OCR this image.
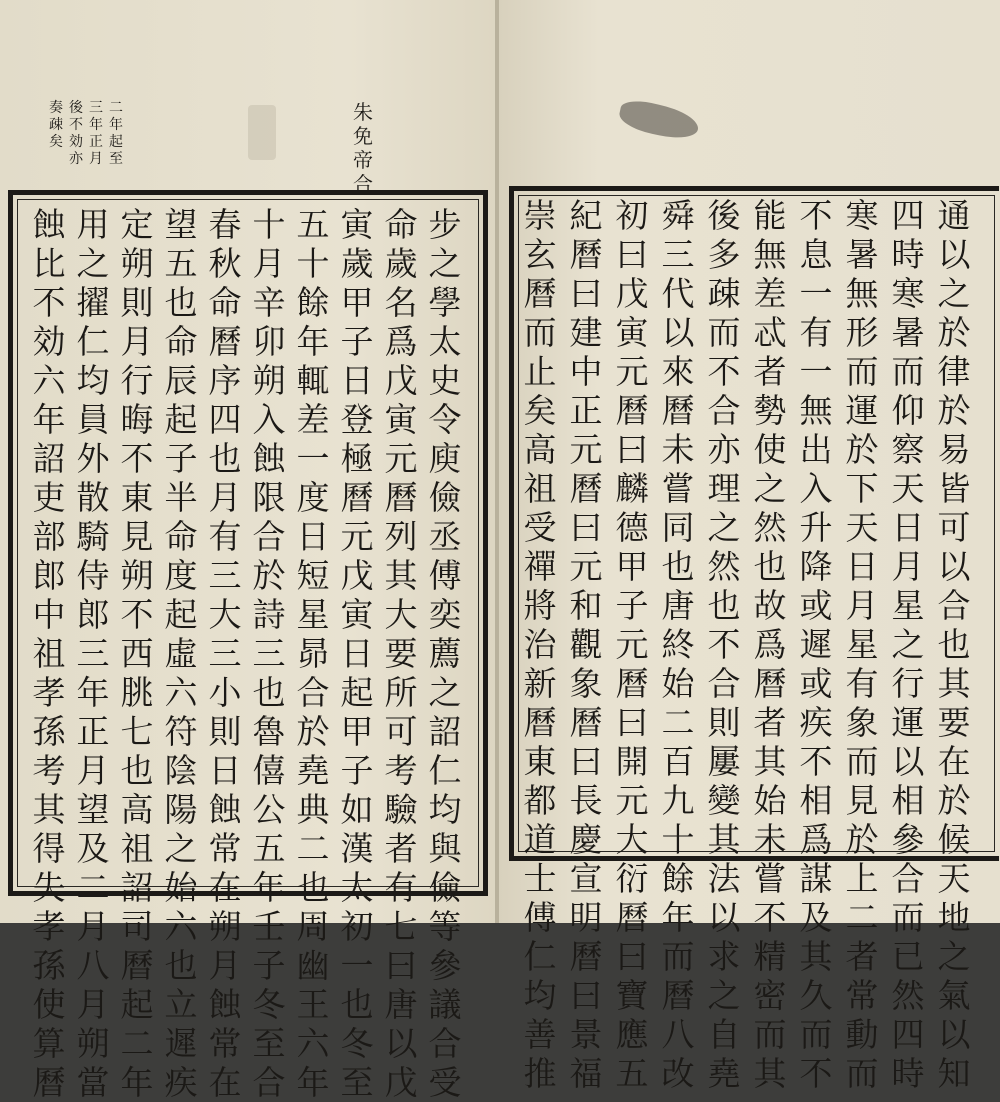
二
年
起
至
三
年
正
月
後
不
効
亦
奏
疎
矣
朱
免
帝
合
步
之
學
太
史
令
庾
儉
丞
傅
奕
薦
之
詔
仁
均
與
儉
等
參
議
合
受
命
歲
名
爲
戊
寅
元
曆
列
其
大
要
所
可
考
驗
者
有
七
曰
唐
以
戊
寅
歲
甲
子
日
登
極
曆
元
戊
寅
日
起
甲
子
如
漢
太
初
一
也
冬
至
五
十
餘
年
輒
差
一
度
日
短
星
昴
合
於
堯
典
二
也
周
幽
王
六
年
十
月
辛
卯
朔
入
蝕
限
合
於
詩
三
也
魯
僖
公
五
年
壬
子
冬
至
合
春
秋
命
曆
序
四
也
月
有
三
大
三
小
則
日
蝕
常
在
朔
月
蝕
常
在
望
五
也
命
辰
起
子
半
命
度
起
虛
六
符
陰
陽
之
始
六
也
立
遲
疾
定
朔
則
月
行
晦
不
東
見
朔
不
西
朓
七
也
高
祖
詔
司
曆
起
二
年
用
之
擢
仁
均
員
外
散
騎
侍
郎
三
年
正
月
望
及
二
月
八
月
朔
當
蝕
比
不
効
六
年
詔
吏
部
郎
中
祖
孝
孫
考
其
得
失
孝
孫
使
算
曆
通
以
之
於
律
於
易
皆
可
以
合
也
其
要
在
於
候
天
地
之
氣
以
知
四
時
寒
暑
而
仰
察
天
日
月
星
之
行
運
以
相
參
合
而
已
然
四
時
寒
暑
無
形
而
運
於
下
天
日
月
星
有
象
而
見
於
上
二
者
常
動
而
不
息
一
有
一
無
出
入
升
降
或
遲
或
疾
不
相
爲
謀
及
其
久
而
不
能
無
差
忒
者
勢
使
之
然
也
故
爲
曆
者
其
始
未
嘗
不
精
密
而
其
後
多
疎
而
不
合
亦
理
之
然
也
不
合
則
屢
變
其
法
以
求
之
自
堯
舜
三
代
以
來
曆
未
嘗
同
也
唐
終
始
二
百
九
十
餘
年
而
曆
八
改
初
曰
戊
寅
元
曆
曰
麟
德
甲
子
元
曆
曰
開
元
大
衍
曆
曰
寶
應
五
紀
曆
曰
建
中
正
元
曆
曰
元
和
觀
象
曆
曰
長
慶
宣
明
曆
曰
景
福
崇
玄
曆
而
止
矣
高
祖
受
禪
將
治
新
曆
東
都
道
士
傅
仁
均
善
推
